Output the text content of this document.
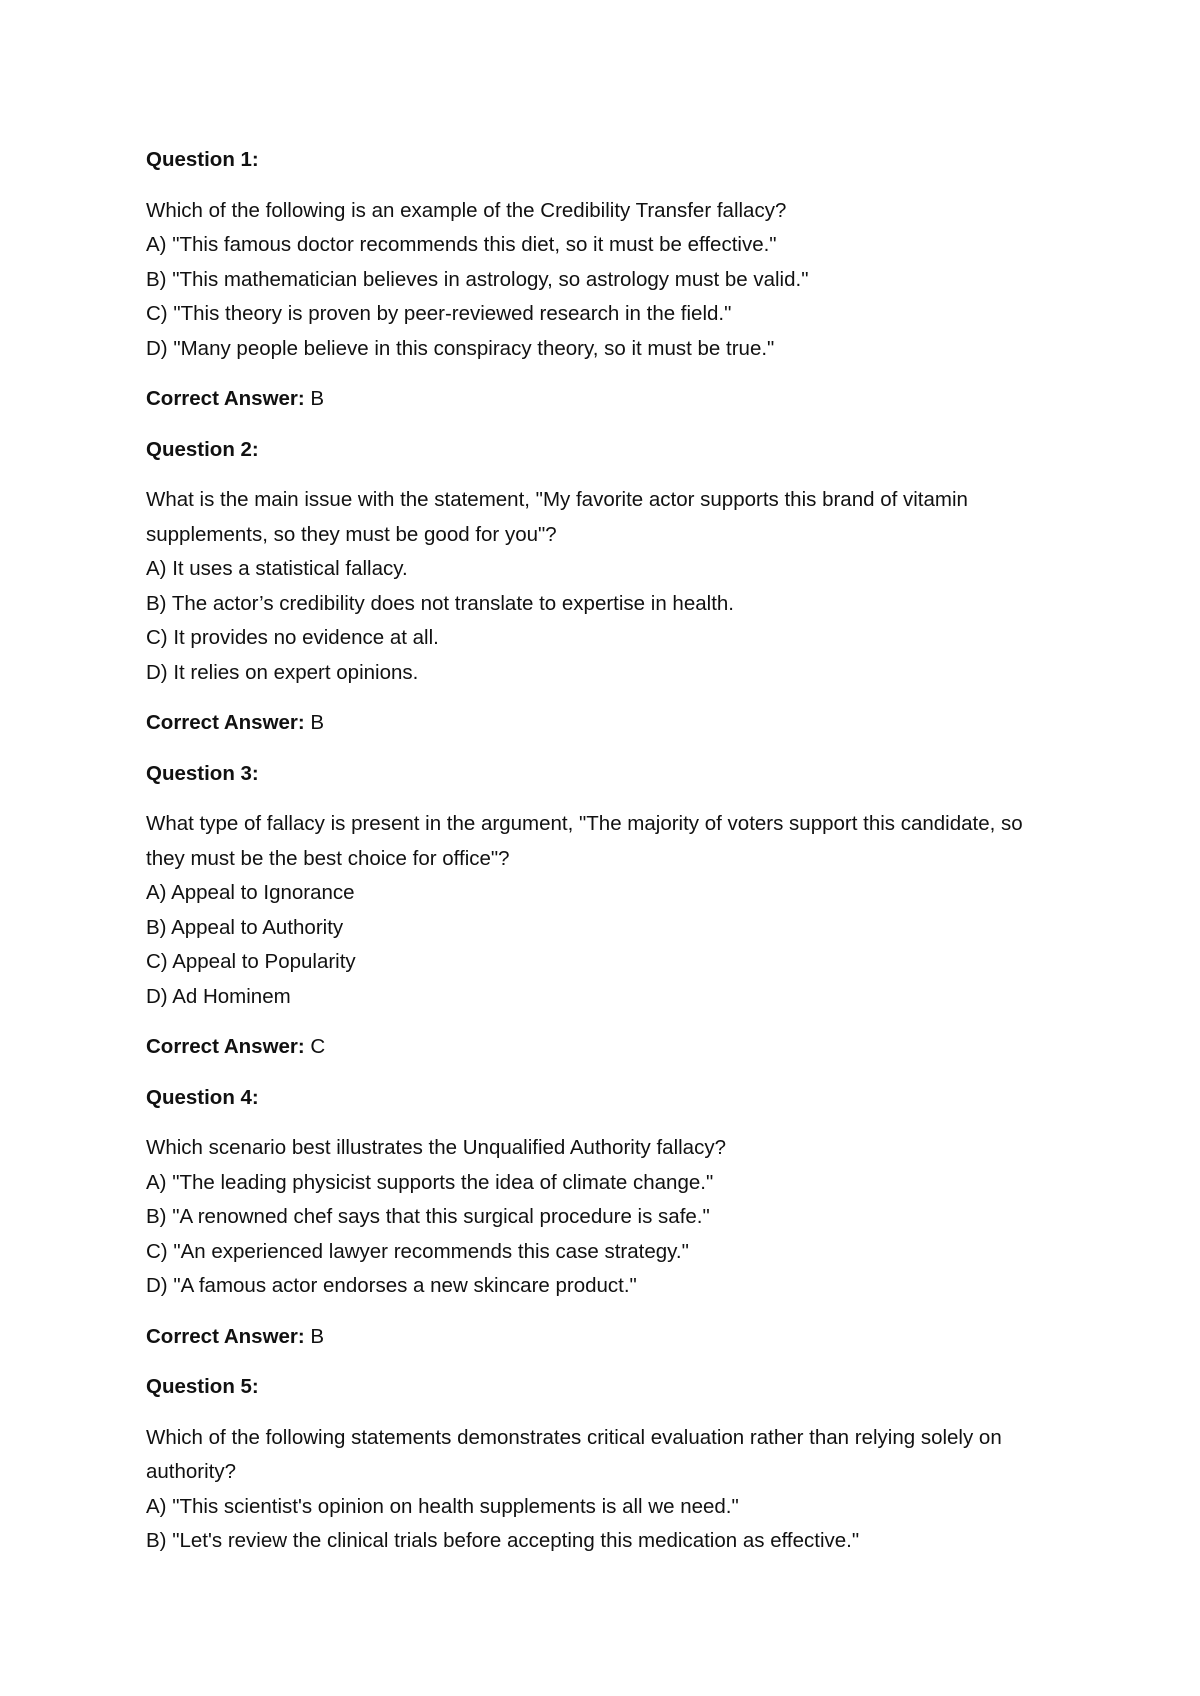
Question 1:
Which of the following is an example of the Credibility Transfer fallacy?
A) "This famous doctor recommends this diet, so it must be effective."
B) "This mathematician believes in astrology, so astrology must be valid."
C) "This theory is proven by peer-reviewed research in the field."
D) "Many people believe in this conspiracy theory, so it must be true."
Correct Answer: B
Question 2:
What is the main issue with the statement, "My favorite actor supports this brand of vitamin supplements, so they must be good for you"?
A) It uses a statistical fallacy.
B) The actor’s credibility does not translate to expertise in health.
C) It provides no evidence at all.
D) It relies on expert opinions.
Correct Answer: B
Question 3:
What type of fallacy is present in the argument, "The majority of voters support this candidate, so they must be the best choice for office"?
A) Appeal to Ignorance
B) Appeal to Authority
C) Appeal to Popularity
D) Ad Hominem
Correct Answer: C
Question 4:
Which scenario best illustrates the Unqualified Authority fallacy?
A) "The leading physicist supports the idea of climate change."
B) "A renowned chef says that this surgical procedure is safe."
C) "An experienced lawyer recommends this case strategy."
D) "A famous actor endorses a new skincare product."
Correct Answer: B
Question 5:
Which of the following statements demonstrates critical evaluation rather than relying solely on authority?
A) "This scientist's opinion on health supplements is all we need."
B) "Let's review the clinical trials before accepting this medication as effective."
